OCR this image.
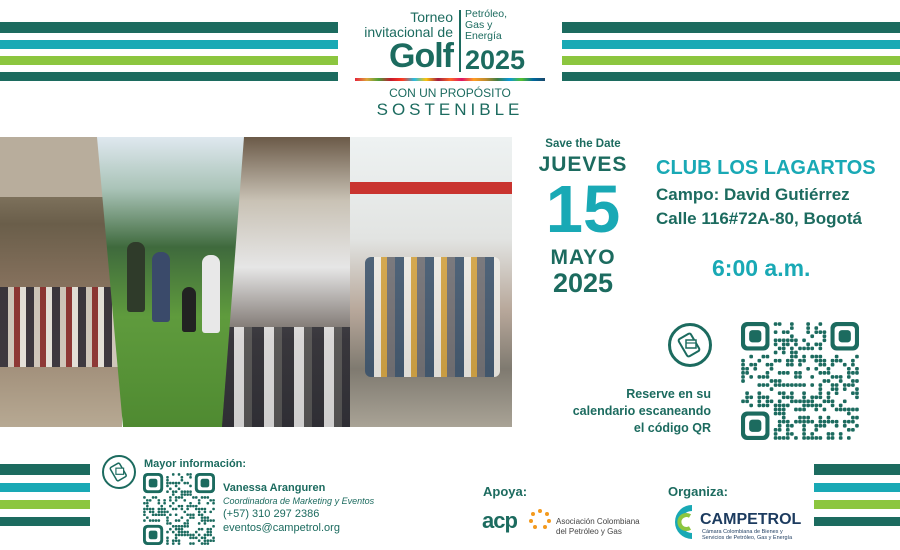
Torneo
invitacional de
Golf
Petróleo,
Gas y
Energía
2025
CON UN PROPÓSITO
SOSTENIBLE
Save the Date
JUEVES
15
MAYO
2025
CLUB LOS LAGARTOS
Campo: David Gutiérrez
Calle 116#72A-80, Bogotá
6:00 a.m.
Reserve en su
calendario escaneando
el código QR
Mayor información:
Vanessa Aranguren
Coordinadora de Marketing y Eventos
(+57) 310 297 2386
eventos@campetrol.org
Apoya:
acp	Asociación Colombiana
del Petróleo y Gas
Organiza:
CAMPETROL
Cámara Colombiana de Bienes y Servicios de Petróleo, Gas y Energía
